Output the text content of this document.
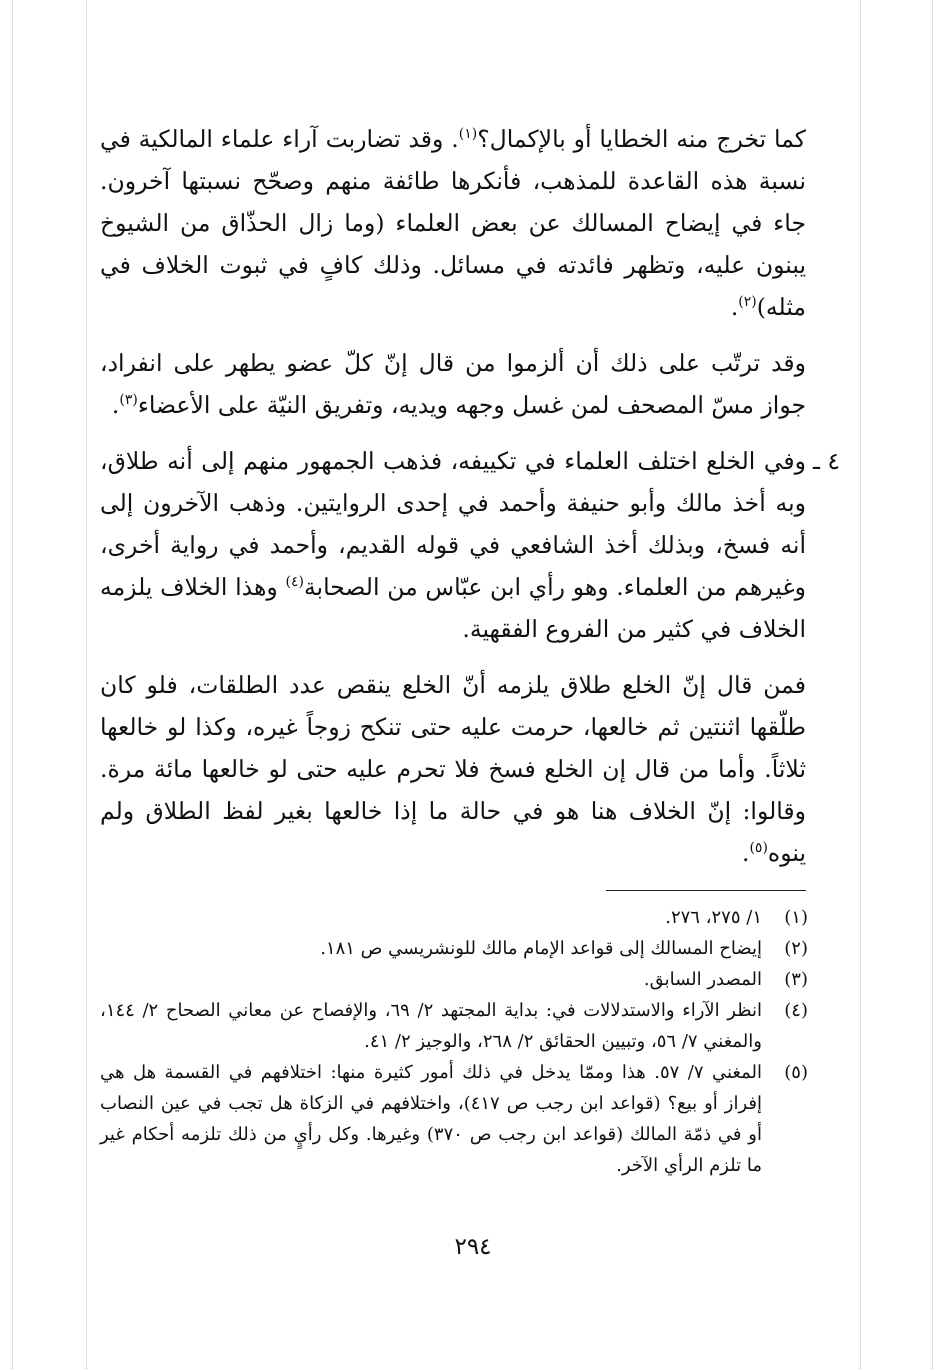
كما تخرج منه الخطايا أو بالإكمال؟$^{(١)}$. وقد تضاربت آراء علماء المالكية في نسبة هذه القاعدة للمذهب، فأنكرها طائفة منهم وصحّح نسبتها آخرون. جاء في إيضاح المسالك عن بعض العلماء (وما زال الحذّاق من الشيوخ يبنون عليه، وتظهر فائدته في مسائل. وذلك كافٍ في ثبوت الخلاف في مثله)$^{(٢)}$.

وقد ترتّب على ذلك أن ألزموا من قال إنّ كلّ عضو يطهر على انفراد، جواز مسّ المصحف لمن غسل وجهه ويديه، وتفريق النيّة على الأعضاء$^{(٣)}$.

٤ ـ
وفي الخلع اختلف العلماء في تكييفه، فذهب الجمهور منهم إلى أنه طلاق، وبه أخذ مالك وأبو حنيفة وأحمد في إحدى الروايتين. وذهب الآخرون إلى أنه فسخ، وبذلك أخذ الشافعي في قوله القديم، وأحمد في رواية أخرى، وغيرهم من العلماء. وهو رأي ابن عبّاس من الصحابة$^{(٤)}$ وهذا الخلاف يلزمه الخلاف في كثير من الفروع الفقهية.

فمن قال إنّ الخلع طلاق يلزمه أنّ الخلع ينقص عدد الطلقات، فلو كان طلّقها اثنتين ثم خالعها، حرمت عليه حتى تنكح زوجاً غيره، وكذا لو خالعها ثلاثاً. وأما من قال إن الخلع فسخ فلا تحرم عليه حتى لو خالعها مائة مرة. وقالوا: إنّ الخلاف هنا هو في حالة ما إذا خالعها بغير لفظ الطلاق ولم ينوه$^{(٥)}$.

(١)
١/ ٢٧٥، ٢٧٦.

(٢)
إيضاح المسالك إلى قواعد الإمام مالك للونشريسي ص ١٨١.

(٣)
المصدر السابق.

(٤)
انظر الآراء والاستدلالات في: بداية المجتهد ٢/ ٦٩، والإفصاح عن معاني الصحاح ٢/ ١٤٤، والمغني ٧/ ٥٦، وتبيين الحقائق ٢/ ٢٦٨، والوجيز ٢/ ٤١.

(٥)
المغني ٧/ ٥٧. هذا وممّا يدخل في ذلك أمور كثيرة منها: اختلافهم في القسمة هل هي إفراز أو بيع؟ (قواعد ابن رجب ص ٤١٧)، واختلافهم في الزكاة هل تجب في عين النصاب أو في ذمّة المالك (قواعد ابن رجب ص ٣٧٠) وغيرها. وكل رأيٍ من ذلك تلزمه أحكام غير ما تلزم الرأي الآخر.

٢٩٤
